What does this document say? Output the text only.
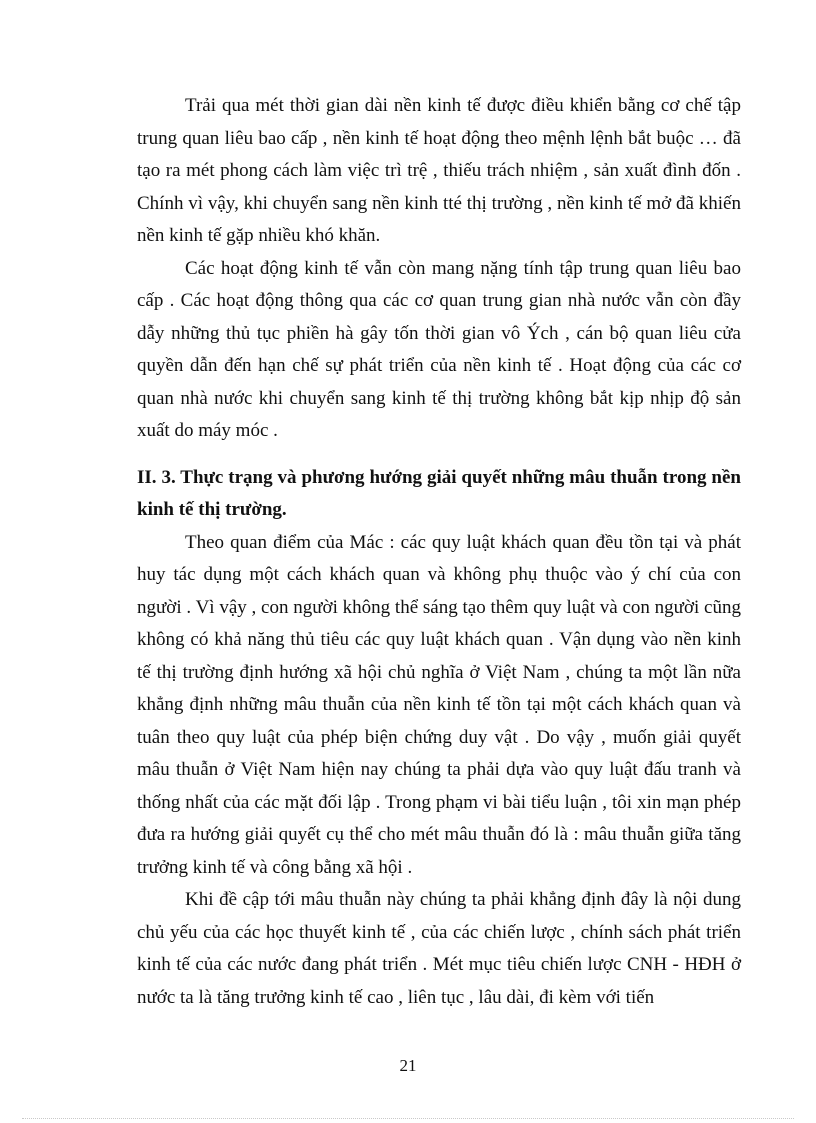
Trải qua mét thời gian dài nền kinh tế được điều khiển bằng cơ chế tập trung quan liêu bao cấp , nền kinh tế hoạt động theo mệnh lệnh bắt buộc … đã tạo ra mét phong cách làm việc trì trệ , thiếu trách nhiệm , sản xuất đình đốn . Chính vì vậy, khi chuyển sang nền kinh tté thị trường , nền kinh tế mở đã khiến nền kinh tế gặp nhiều khó khăn.

Các hoạt động kinh tế vẫn còn mang nặng tính tập trung quan liêu bao cấp . Các hoạt động thông qua các cơ quan trung gian nhà nước vẫn còn đầy dẫy những thủ tục phiền hà gây tốn thời gian vô Ých , cán bộ quan liêu cửa quyền dẫn đến hạn chế sự phát triển của nền kinh tế . Hoạt động của các cơ quan nhà nước khi chuyển sang kinh tế thị trường không bắt kịp nhịp độ sản xuất do máy móc .

II. 3. Thực trạng và phương hướng giải quyết những mâu thuẫn trong nền kinh tế thị trường.

Theo quan điểm của Mác : các quy luật khách quan đều tồn tại và phát huy tác dụng một cách khách quan và không phụ thuộc vào ý chí của con người . Vì vậy , con người không thể sáng tạo thêm quy luật và con người cũng không có khả năng thủ tiêu các quy luật khách quan . Vận dụng vào nền kinh tế thị trường định hướng xã hội chủ nghĩa ở Việt Nam , chúng ta một lần nữa khẳng định những mâu thuẫn của nền kinh tế tồn tại một cách khách quan và tuân theo quy luật của phép biện chứng duy vật . Do vậy , muốn giải quyết mâu thuẫn ở Việt Nam hiện nay chúng ta phải dựa vào quy luật đấu tranh và thống nhất của các mặt đối lập . Trong phạm vi bài tiểu luận , tôi xin mạn phép đưa ra hướng giải quyết cụ thể cho mét mâu thuẫn đó là : mâu thuẫn giữa tăng trưởng kinh tế và công bằng xã hội .

Khi đề cập tới mâu thuẫn này chúng ta phải khẳng định đây là nội dung chủ yếu của các học thuyết kinh tế , của các chiến lược , chính sách phát triển kinh tế của các nước đang phát triển . Mét mục tiêu chiến lược CNH - HĐH ở nước ta là tăng trưởng kinh tế cao , liên tục , lâu dài, đi kèm với tiến

21
